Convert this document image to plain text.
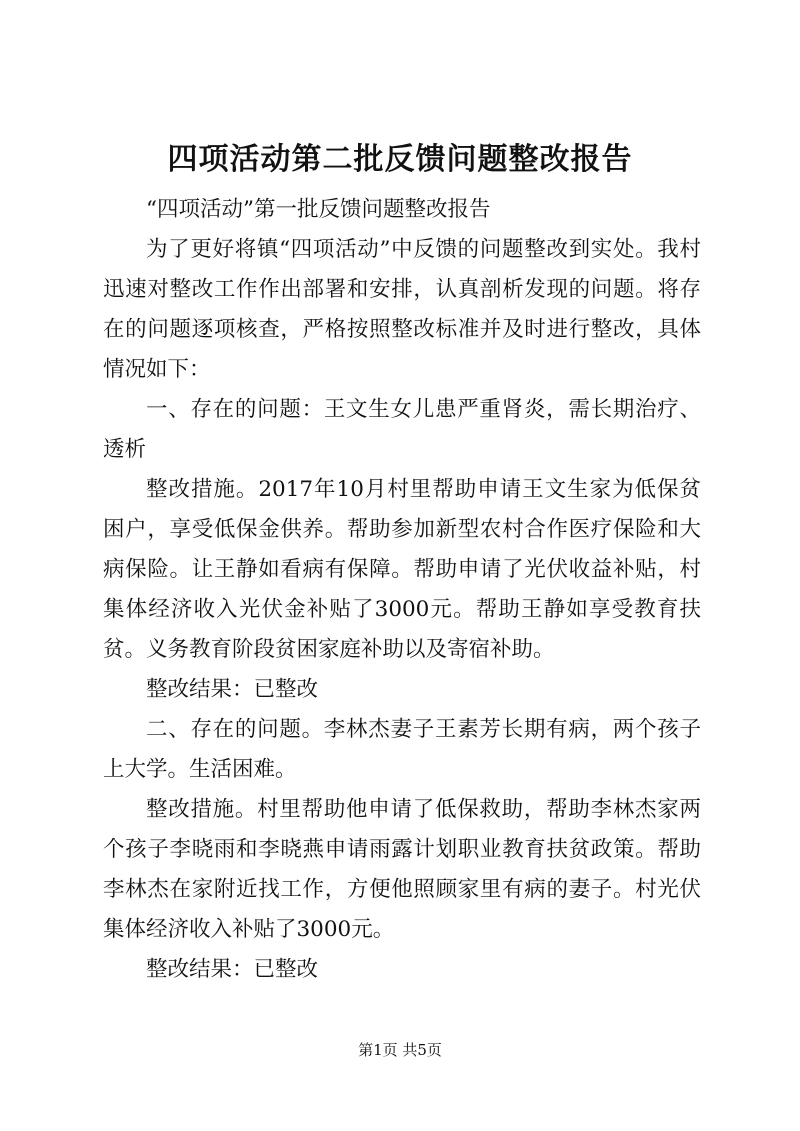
四项活动第二批反馈问题整改报告

“四项活动”第一批反馈问题整改报告

为了更好将镇“四项活动”中反馈的问题整改到实处。我村迅速对整改工作作出部署和安排，认真剖析发现的问题。将存在的问题逐项核查，严格按照整改标准并及时进行整改，具体情况如下：

一、存在的问题：王文生女儿患严重肾炎，需长期治疗、透析

整改措施。2017年10月村里帮助申请王文生家为低保贫困户，享受低保金供养。帮助参加新型农村合作医疗保险和大病保险。让王静如看病有保障。帮助申请了光伏收益补贴，村集体经济收入光伏金补贴了3000元。帮助王静如享受教育扶贫。义务教育阶段贫困家庭补助以及寄宿补助。

整改结果：已整改

二、存在的问题。李林杰妻子王素芳长期有病，两个孩子上大学。生活困难。

整改措施。村里帮助他申请了低保救助，帮助李林杰家两个孩子李晓雨和李晓燕申请雨露计划职业教育扶贫政策。帮助李林杰在家附近找工作，方便他照顾家里有病的妻子。村光伏集体经济收入补贴了3000元。

整改结果：已整改

第1页 共5页
